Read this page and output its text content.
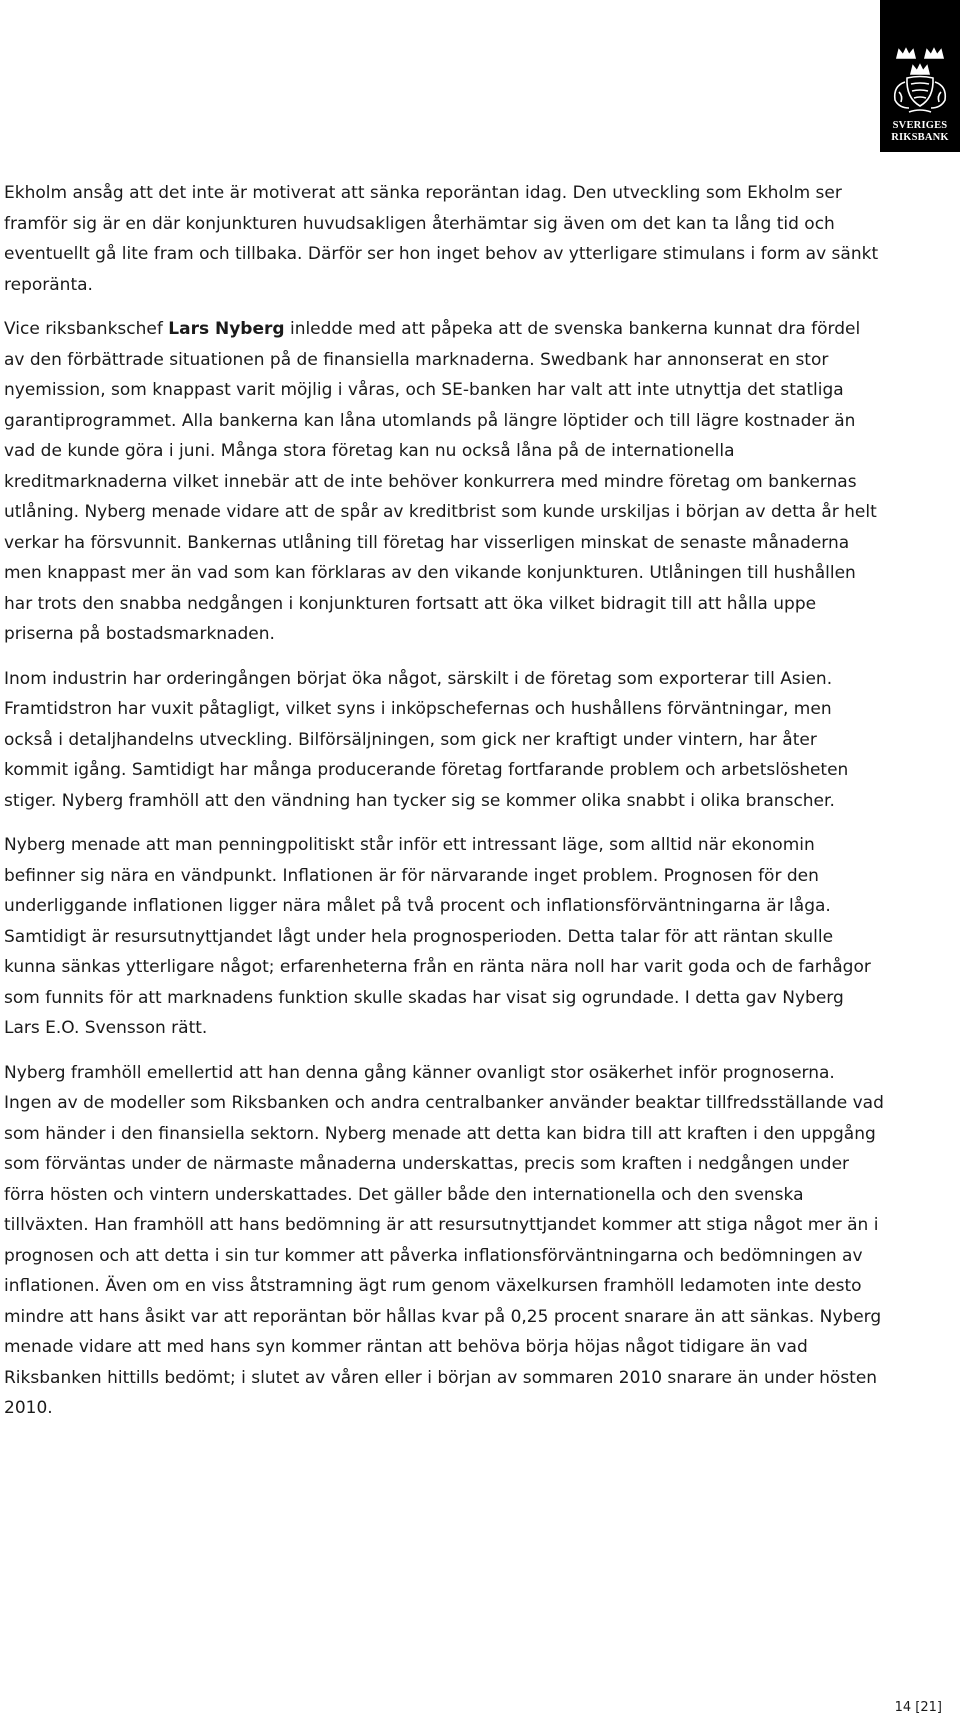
SVERIGES
RIKSBANK

Ekholm ansåg att det inte är motiverat att sänka reporäntan idag. Den utveckling som Ekholm ser framför sig är en där konjunkturen huvudsakligen återhämtar sig även om det kan ta lång tid och eventuellt gå lite fram och tillbaka. Därför ser hon inget behov av ytterligare stimulans i form av sänkt reporänta.

Vice riksbankschef Lars Nyberg inledde med att påpeka att de svenska bankerna kunnat dra fördel av den förbättrade situationen på de finansiella marknaderna. Swedbank har annonserat en stor nyemission, som knappast varit möjlig i våras, och SE-banken har valt att inte utnyttja det statliga garantiprogrammet. Alla bankerna kan låna utomlands på längre löptider och till lägre kostnader än vad de kunde göra i juni. Många stora företag kan nu också låna på de internationella kreditmarknaderna vilket innebär att de inte behöver konkurrera med mindre företag om bankernas utlåning. Nyberg menade vidare att de spår av kreditbrist som kunde urskiljas i början av detta år helt verkar ha försvunnit. Bankernas utlåning till företag har visserligen minskat de senaste månaderna men knappast mer än vad som kan förklaras av den vikande konjunkturen. Utlåningen till hushållen har trots den snabba nedgången i konjunkturen fortsatt att öka vilket bidragit till att hålla uppe priserna på bostadsmarknaden.

Inom industrin har orderingången börjat öka något, särskilt i de företag som exporterar till Asien. Framtidstron har vuxit påtagligt, vilket syns i inköpschefernas och hushållens förväntningar, men också i detaljhandelns utveckling. Bilförsäljningen, som gick ner kraftigt under vintern, har åter kommit igång. Samtidigt har många producerande företag fortfarande problem och arbetslösheten stiger. Nyberg framhöll att den vändning han tycker sig se kommer olika snabbt i olika branscher.

Nyberg menade att man penningpolitiskt står inför ett intressant läge, som alltid när ekonomin befinner sig nära en vändpunkt. Inflationen är för närvarande inget problem. Prognosen för den underliggande inflationen ligger nära målet på två procent och inflationsförväntningarna är låga. Samtidigt är resursutnyttjandet lågt under hela prognosperioden. Detta talar för att räntan skulle kunna sänkas ytterligare något; erfarenheterna från en ränta nära noll har varit goda och de farhågor som funnits för att marknadens funktion skulle skadas har visat sig ogrundade. I detta gav Nyberg Lars E.O. Svensson rätt.

Nyberg framhöll emellertid att han denna gång känner ovanligt stor osäkerhet inför prognoserna. Ingen av de modeller som Riksbanken och andra centralbanker använder beaktar tillfredsställande vad som händer i den finansiella sektorn. Nyberg menade att detta kan bidra till att kraften i den uppgång som förväntas under de närmaste månaderna underskattas, precis som kraften i nedgången under förra hösten och vintern underskattades. Det gäller både den internationella och den svenska tillväxten. Han framhöll att hans bedömning är att resursutnyttjandet kommer att stiga något mer än i prognosen och att detta i sin tur kommer att påverka inflationsförväntningarna och bedömningen av inflationen. Även om en viss åtstramning ägt rum genom växelkursen framhöll ledamoten inte desto mindre att hans åsikt var att reporäntan bör hållas kvar på 0,25 procent snarare än att sänkas. Nyberg menade vidare att med hans syn kommer räntan att behöva börja höjas något tidigare än vad Riksbanken hittills bedömt; i slutet av våren eller i början av sommaren 2010 snarare än under hösten 2010.

14 [21]
